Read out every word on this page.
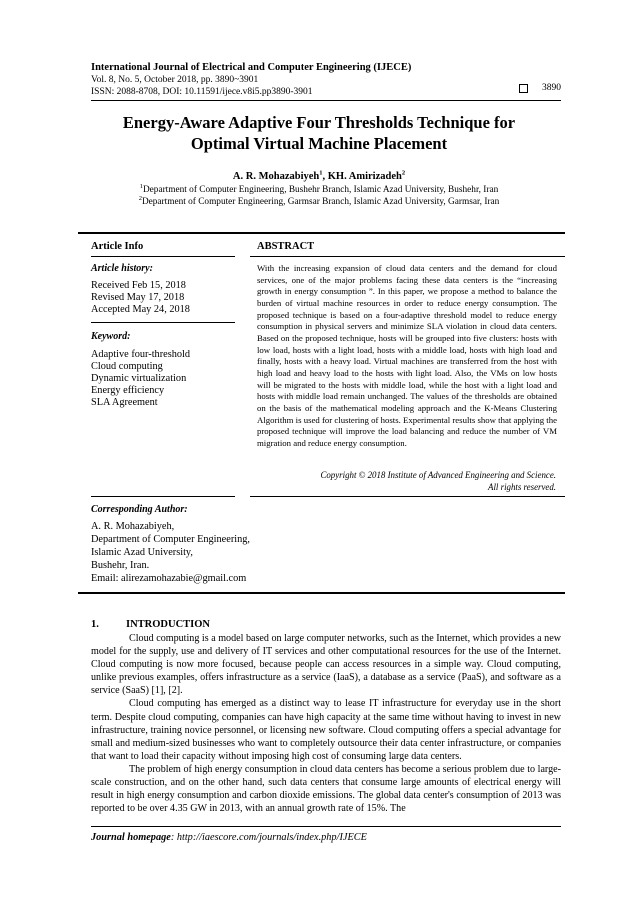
International Journal of Electrical and Computer Engineering (IJECE)
Vol. 8, No. 5, October 2018, pp. 3890~3901
ISSN: 2088-8708, DOI: 10.11591/ijece.v8i5.pp3890-3901	3890
Energy-Aware Adaptive Four Thresholds Technique for
Optimal Virtual Machine Placement
A. R. Mohazabiyeh$^1$, KH. Amirizadeh$^2$
$^1$Department of Computer Engineering, Bushehr Branch, Islamic Azad University, Bushehr, Iran
$^2$Department of Computer Engineering, Garmsar Branch, Islamic Azad University, Garmsar, Iran
Article Info	ABSTRACT
Article history:
Received Feb 15, 2018
Revised May 17, 2018
Accepted May 24, 2018
Keyword:
Adaptive four-threshold
Cloud computing
Dynamic virtualization
Energy efficiency
SLA Agreement
With the increasing expansion of cloud data centers and the demand for cloud services, one of the major problems facing these data centers is the “increasing growth in energy consumption ”. In this paper, we propose a method to balance the burden of virtual machine resources in order to reduce energy consumption. The proposed technique is based on a four-adaptive threshold model to reduce energy consumption in physical servers and minimize SLA violation in cloud data centers. Based on the proposed technique, hosts will be grouped into five clusters: hosts with low load, hosts with a light load, hosts with a middle load, hosts with high load and finally, hosts with a heavy load. Virtual machines are transferred from the host with high load and heavy load to the hosts with light load. Also, the VMs on low hosts will be migrated to the hosts with middle load, while the host with a light load and hosts with middle load remain unchanged. The values of the thresholds are obtained on the basis of the mathematical modeling approach and the K-Means Clustering Algorithm is used for clustering of hosts. Experimental results show that applying the proposed technique will improve the load balancing and reduce the number of VM migration and reduce energy consumption.
Copyright © 2018 Institute of Advanced Engineering and Science.
All rights reserved.
Corresponding Author:
A. R. Mohazabiyeh,
Department of Computer Engineering,
Islamic Azad University,
Bushehr, Iran.
Email: alirezamohazabie@gmail.com
1.	INTRODUCTION

Cloud computing is a model based on large computer networks, such as the Internet, which provides a new model for the supply, use and delivery of IT services and other computational resources for the use of the Internet. Cloud computing is now more focused, because people can access resources in a simple way. Cloud computing, unlike previous examples, offers infrastructure as a service (IaaS), a database as a service (PaaS), and software as a service (SaaS) [1], [2].

Cloud computing has emerged as a distinct way to lease IT infrastructure for everyday use in the short term. Despite cloud computing, companies can have high capacity at the same time without having to invest in new infrastructure, training novice personnel, or licensing new software. Cloud computing offers a special advantage for small and medium-sized businesses who want to completely outsource their data center infrastructure, or companies that want to load their capacity without imposing high cost of consuming large data centers.

The problem of high energy consumption in cloud data centers has become a serious problem due to large-scale construction, and on the other hand, such data centers that consume large amounts of electrical energy will result in high energy consumption and carbon dioxide emissions. The global data center's consumption of 2013 was reported to be over 4.35 GW in 2013, with an annual growth rate of 15%. The

Journal homepage: http://iaescore.com/journals/index.php/IJECE
